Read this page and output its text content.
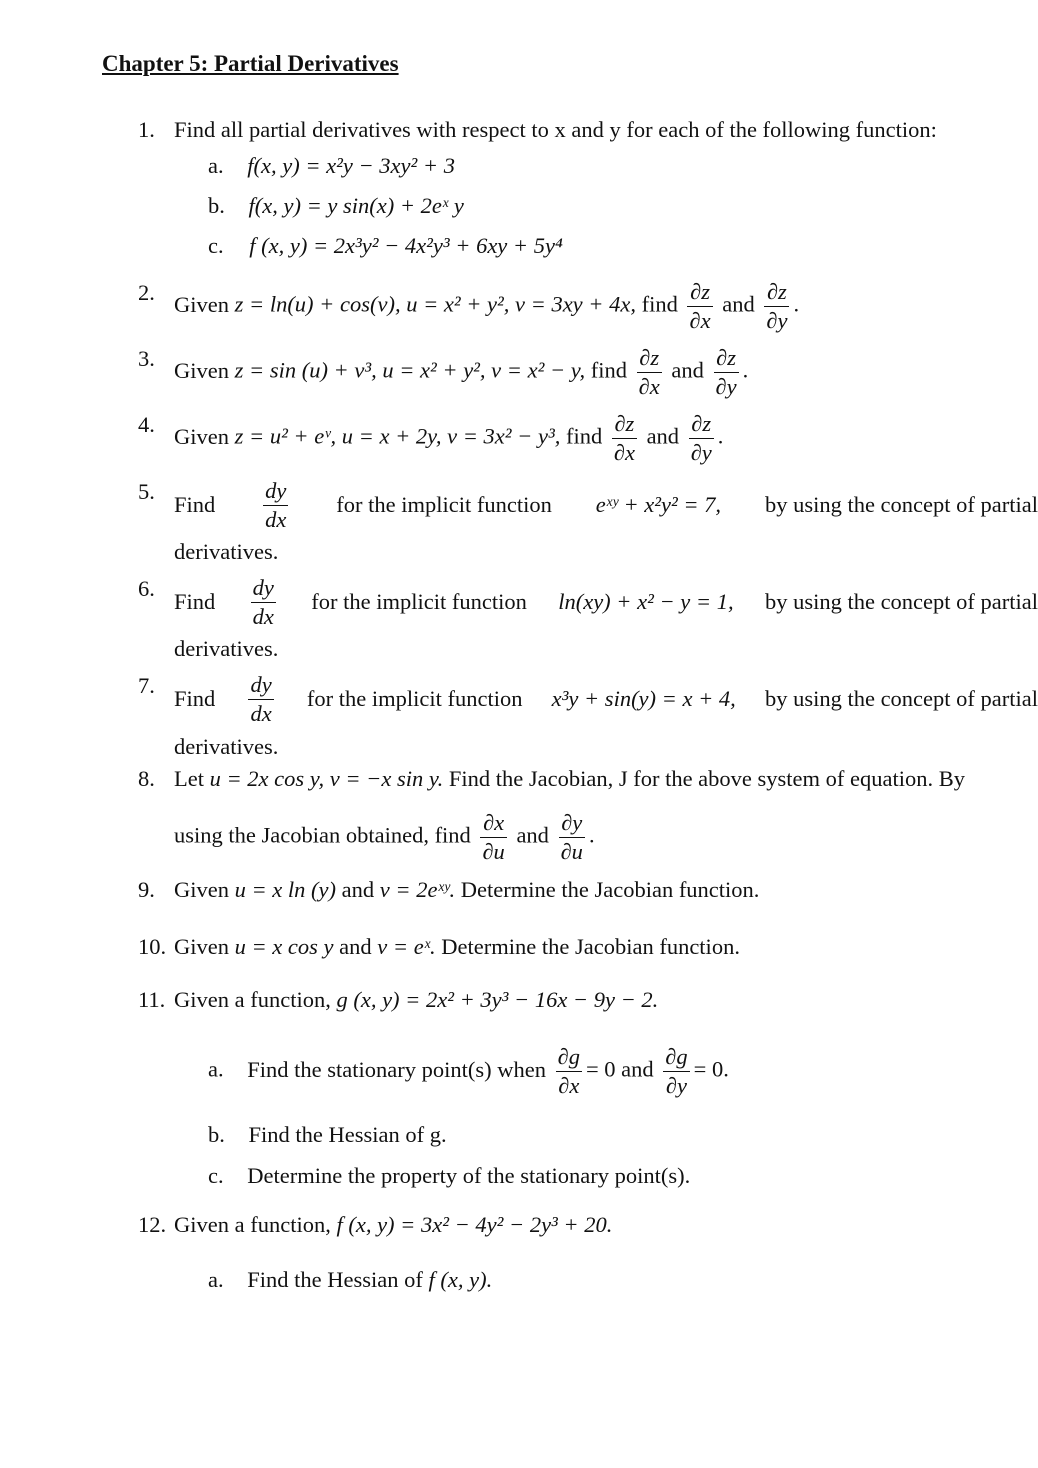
Chapter 5: Partial Derivatives
1. Find all partial derivatives with respect to x and y for each of the following function:
a. f(x, y) = x²y − 3xy² + 3
b. f(x, y) = y sin(x) + 2eˣ y
c. f (x, y) = 2x³y² − 4x²y³ + 6xy + 5y⁴
2. Given z = ln(u) + cos(v), u = x² + y², v = 3xy + 4x, find $\frac{\partial z}{\partial x}$ and $\frac{\partial z}{\partial y}$ .
3. Given z = sin (u) + v³, u = x² + y², v = x² − y, find $\frac{\partial z}{\partial x}$ and $\frac{\partial z}{\partial y}$ .
4. Given z = u² + eᵛ, u = x + 2y, v = 3x² − y³, find $\frac{\partial z}{\partial x}$ and $\frac{\partial z}{\partial y}$ .
5.
Find $\frac{dy}{dx}$ for the implicit function eˣʸ + x²y² = 7, by using the concept of partial
derivatives.
6.
Find $\frac{dy}{dx}$ for the implicit function ln(xy) + x² − y = 1, by using the concept of partial
derivatives.
7.
Find $\frac{dy}{dx}$ for the implicit function x³y + sin(y) = x + 4, by using the concept of partial
derivatives.
8. Let u = 2x cos y, v = −x sin y. Find the Jacobian, J for the above system of equation. By
using the Jacobian obtained, find $\frac{\partial x}{\partial u}$ and $\frac{\partial y}{\partial u}$ .
9. Given u = x ln (y) and v = 2eˣʸ. Determine the Jacobian function.
10. Given u = x cos y and v = eˣ. Determine the Jacobian function.
11. Given a function, g (x, y) = 2x² + 3y³ − 16x − 9y − 2.
a. Find the stationary point(s) when $\frac{\partial g}{\partial x} = 0$ and $\frac{\partial g}{\partial y} = 0$.
b. Find the Hessian of g.
c. Determine the property of the stationary point(s).
12. Given a function, f (x, y) = 3x² − 4y² − 2y³ + 20.
a. Find the Hessian of f (x, y).
